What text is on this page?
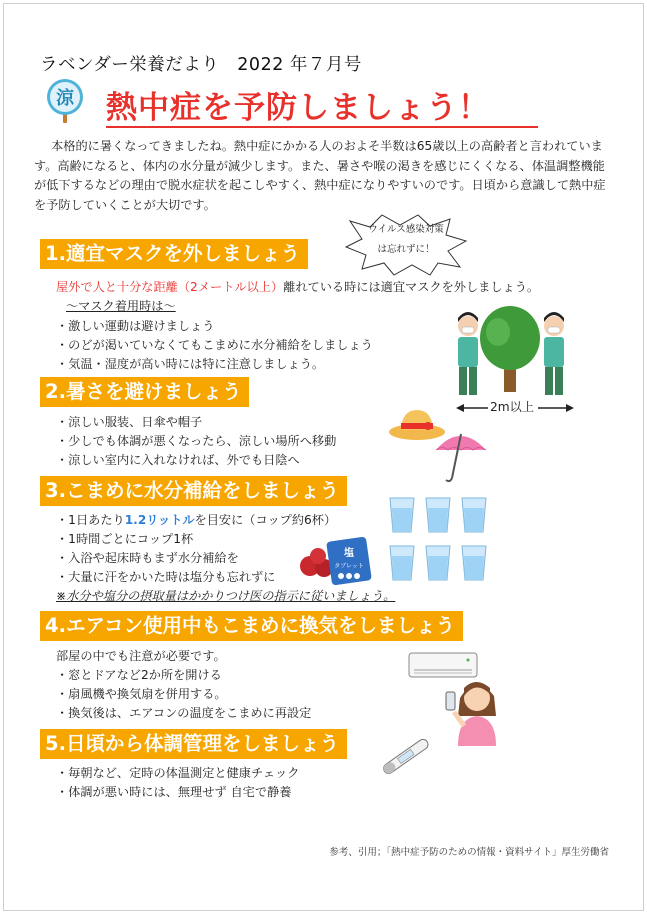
ラベンダー栄養だより　2022 年７月号
涼 熱中症を予防しましょう！
本格的に暑くなってきましたね。熱中症にかかる人のおよそ半数は65歳以上の高齢者と言われています。高齢になると、体内の水分量が減少します。また、暑さや喉の渇きを感じにくくなる、体温調整機能が低下するなどの理由で脱水症状を起こしやすく、熱中症になりやすいのです。日頃から意識して熱中症を予防していくことが大切です。
1.適宜マスクを外しましょう
ウイルス感染対策
は忘れずに！
屋外で人と十分な距離（2メートル以上）離れている時には適宜マスクを外しましょう。
～マスク着用時は～
・激しい運動は避けましょう
・のどが渇いていなくてもこまめに水分補給をしましょう
・気温・湿度が高い時には特に注意しましょう。
2m以上
2.暑さを避けましょう
・涼しい服装、日傘や帽子
・少しでも体調が悪くなったら、涼しい場所へ移動
・涼しい室内に入れなければ、外でも日陰へ
3.こまめに水分補給をしましょう
・1日あたり1.2リットルを目安に（コップ約6杯）
・1時間ごとにコップ1杯
・入浴や起床時もまず水分補給を
・大量に汗をかいた時は塩分も忘れずに
※水分や塩分の摂取量はかかりつけ医の指示に従いましょう。
塩
タブレット
4.エアコン使用中もこまめに換気をしましょう
部屋の中でも注意が必要です。
・窓とドアなど2か所を開ける
・扇風機や換気扇を併用する。
・換気後は、エアコンの温度をこまめに再設定
5.日頃から体調管理をしましょう
・毎朝など、定時の体温測定と健康チェック
・体調が悪い時には、無理せず 自宅で静養
参考、引用；「熱中症予防のための情報・資料サイト」厚生労働省
